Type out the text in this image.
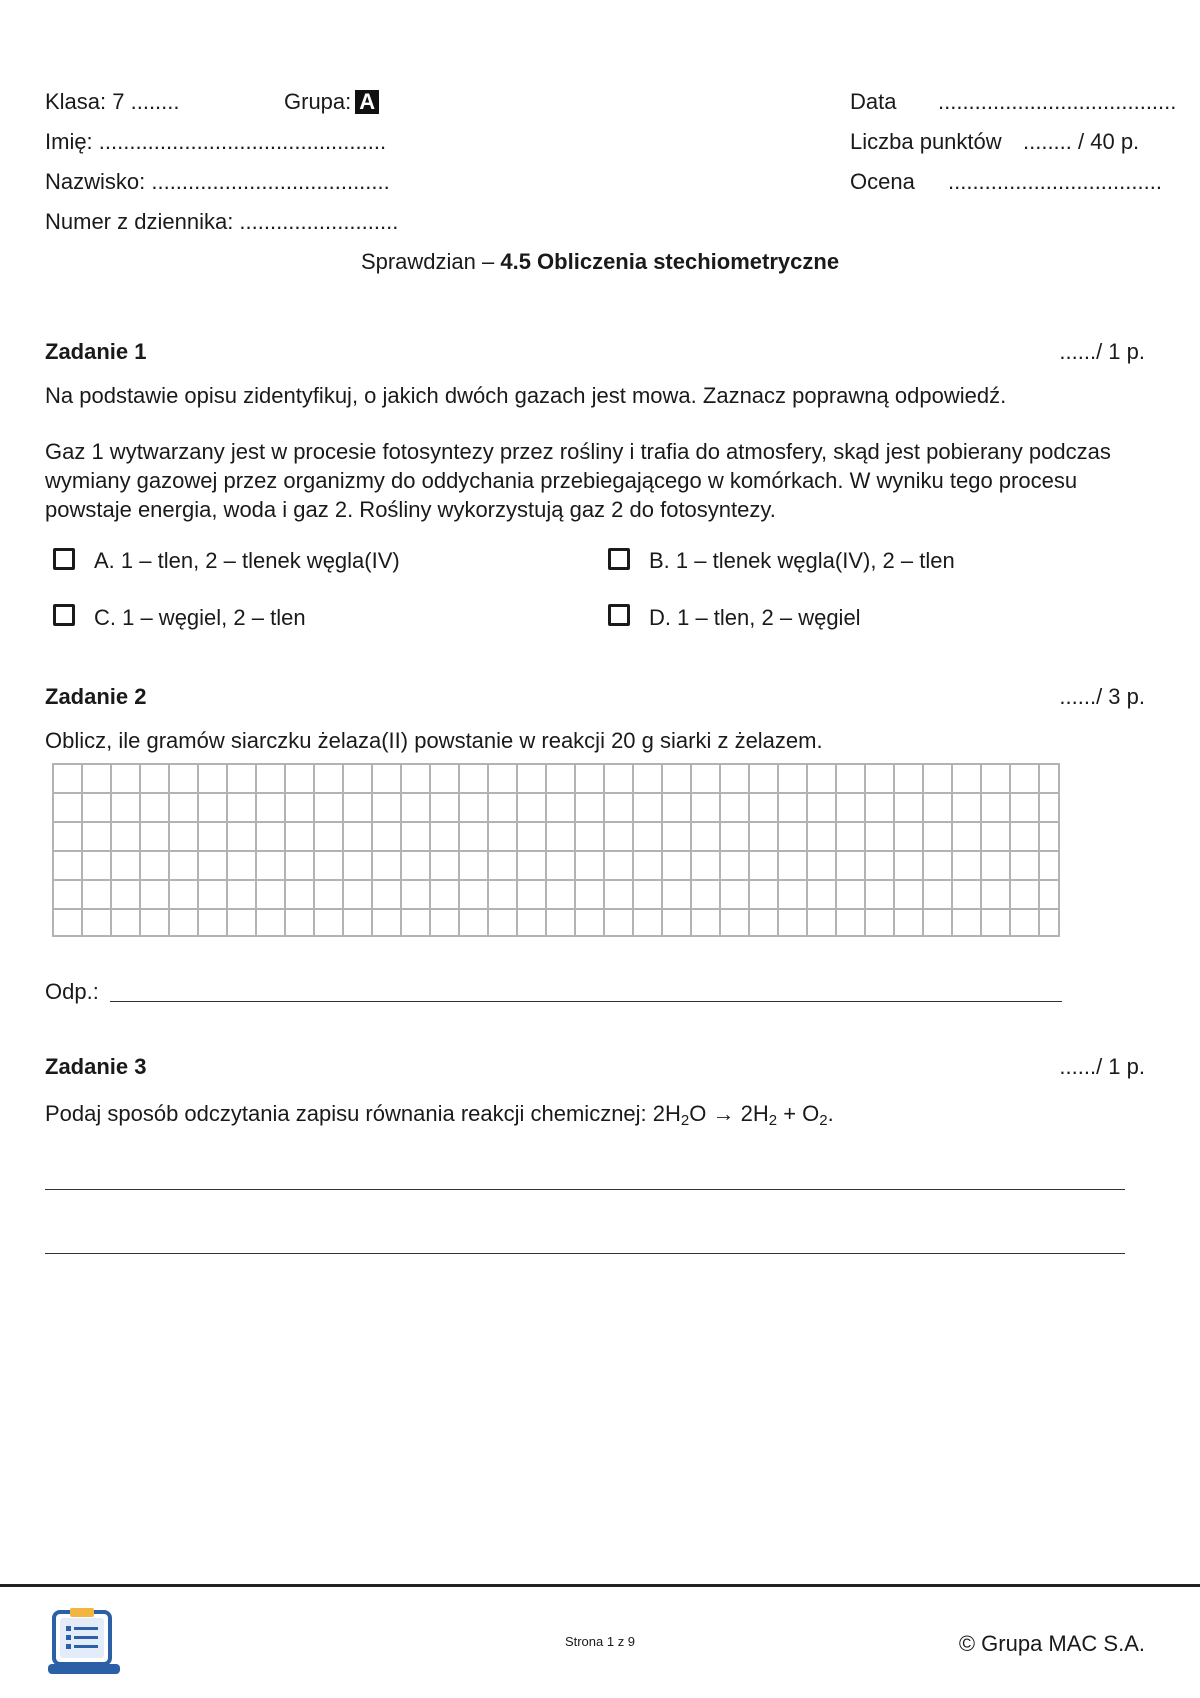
Klasa: 7 ........	Grupa: A
Imię: ...............................................
Nazwisko: .......................................
Numer z dziennika: ..........................
Data .......................................
Liczba punktów ........ / 40 p.
Ocena ...................................
Sprawdzian – 4.5 Obliczenia stechiometryczne
Zadanie 1	....../ 1 p.
Na podstawie opisu zidentyfikuj, o jakich dwóch gazach jest mowa. Zaznacz poprawną odpowiedź.
Gaz 1 wytwarzany jest w procesie fotosyntezy przez rośliny i trafia do atmosfery, skąd jest pobierany podczas wymiany gazowej przez organizmy do oddychania przebiegającego w komórkach. W wyniku tego procesu powstaje energia, woda i gaz 2. Rośliny wykorzystują gaz 2 do fotosyntezy.
A. 1 – tlen, 2 – tlenek węgla(IV)	B. 1 – tlenek węgla(IV), 2 – tlen
C. 1 – węgiel, 2 – tlen	D. 1 – tlen, 2 – węgiel
Zadanie 2	....../ 3 p.
Oblicz, ile gramów siarczku żelaza(II) powstanie w reakcji 20 g siarki z żelazem.
Odp.:
Zadanie 3	....../ 1 p.
Podaj sposób odczytania zapisu równania reakcji chemicznej: $2H_2O \to 2H_2 + O_2$.
Strona 1 z 9	© Grupa MAC S.A.
